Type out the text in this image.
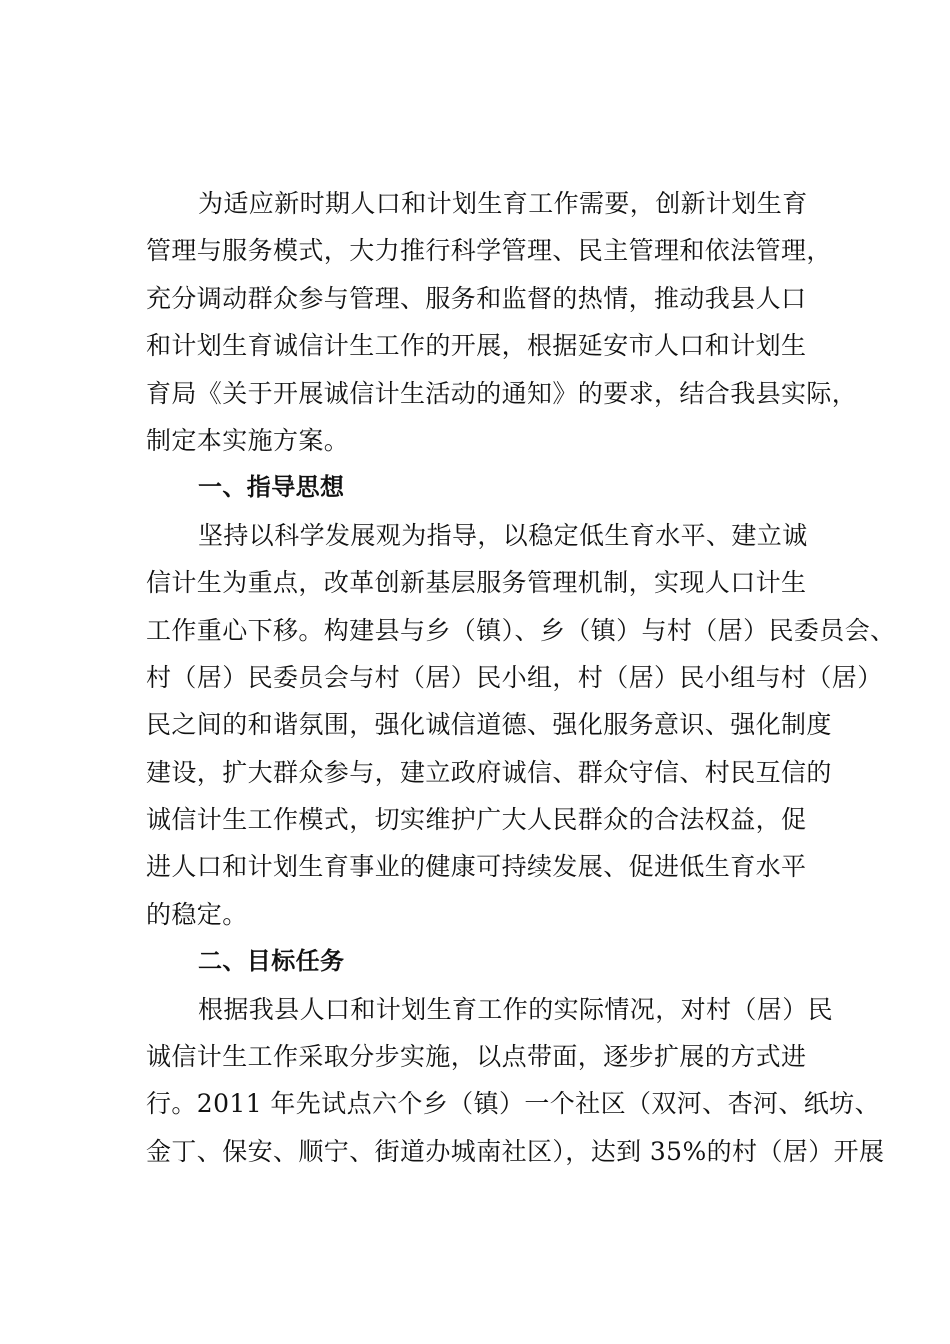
为适应新时期人口和计划生育工作需要，创新计划生育
管理与服务模式，大力推行科学管理、民主管理和依法管理，
充分调动群众参与管理、服务和监督的热情，推动我县人口
和计划生育诚信计生工作的开展，根据延安市人口和计划生
育局《关于开展诚信计生活动的通知》的要求，结合我县实际，
制定本实施方案。
一、指导思想
坚持以科学发展观为指导，以稳定低生育水平、建立诚
信计生为重点，改革创新基层服务管理机制，实现人口计生
工作重心下移。构建县与乡（镇）、乡（镇）与村（居）民委员会、
村（居）民委员会与村（居）民小组，村（居）民小组与村（居）
民之间的和谐氛围，强化诚信道德、强化服务意识、强化制度
建设，扩大群众参与，建立政府诚信、群众守信、村民互信的
诚信计生工作模式，切实维护广大人民群众的合法权益，促
进人口和计划生育事业的健康可持续发展、促进低生育水平
的稳定。
二、目标任务
根据我县人口和计划生育工作的实际情况，对村（居）民
诚信计生工作采取分步实施，以点带面，逐步扩展的方式进
行。2011 年先试点六个乡（镇）一个社区（双河、杏河、纸坊、
金丁、保安、顺宁、街道办城南社区），达到 35%的村（居）开展
